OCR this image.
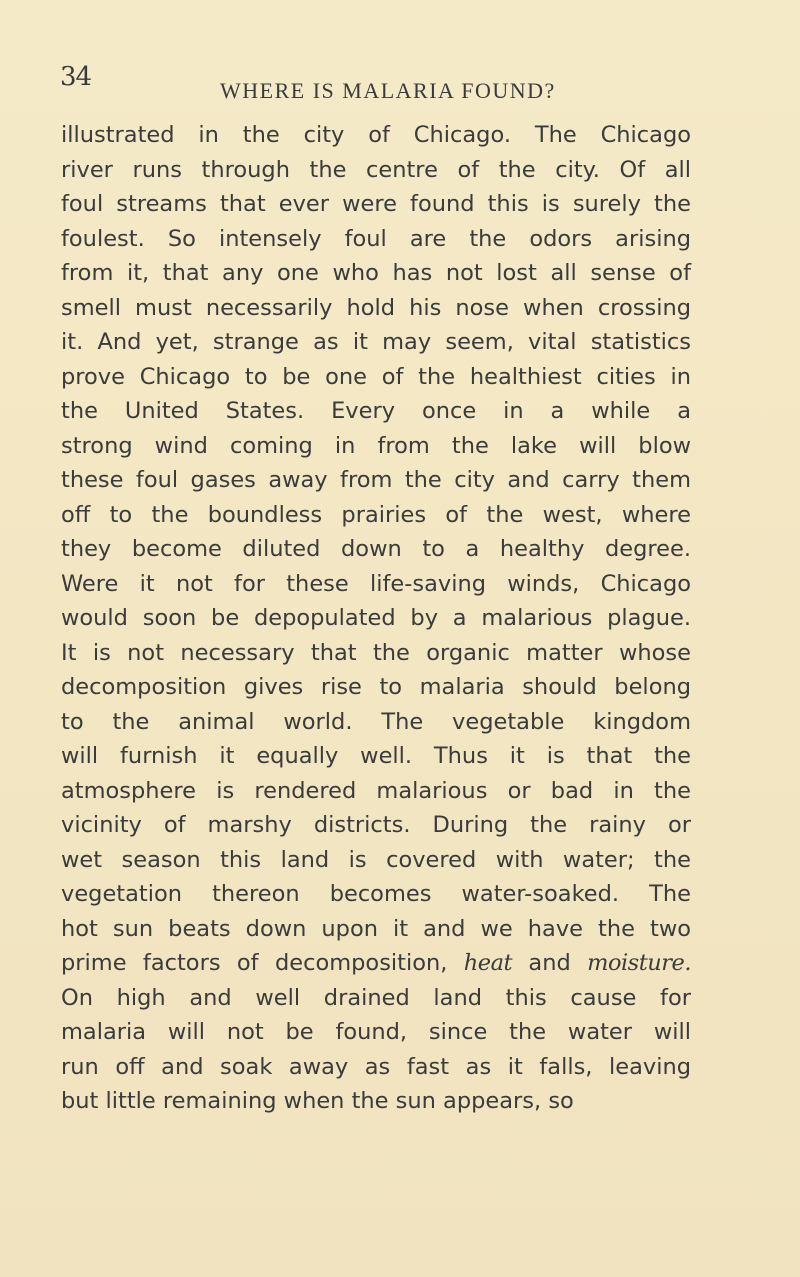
34	WHERE IS MALARIA FOUND?
illustrated in the city of Chicago. The Chicago
river runs through the centre of the city. Of all
foul streams that ever were found this is surely the
foulest. So intensely foul are the odors arising
from it, that any one who has not lost all sense of
smell must necessarily hold his nose when crossing
it. And yet, strange as it may seem, vital statistics
prove Chicago to be one of the healthiest cities in
the United States. Every once in a while a
strong wind coming in from the lake will blow
these foul gases away from the city and carry them
off to the boundless prairies of the west, where
they become diluted down to a healthy degree.
Were it not for these life-saving winds, Chicago
would soon be depopulated by a malarious plague.
It is not necessary that the organic matter whose
decomposition gives rise to malaria should belong
to the animal world. The vegetable kingdom
will furnish it equally well. Thus it is that the
atmosphere is rendered malarious or bad in the
vicinity of marshy districts. During the rainy or
wet season this land is covered with water; the
vegetation thereon becomes water-soaked. The
hot sun beats down upon it and we have the two
prime factors of decomposition, heat and moisture.
On high and well drained land this cause for
malaria will not be found, since the water will
run off and soak away as fast as it falls, leaving
but little remaining when the sun appears, so
